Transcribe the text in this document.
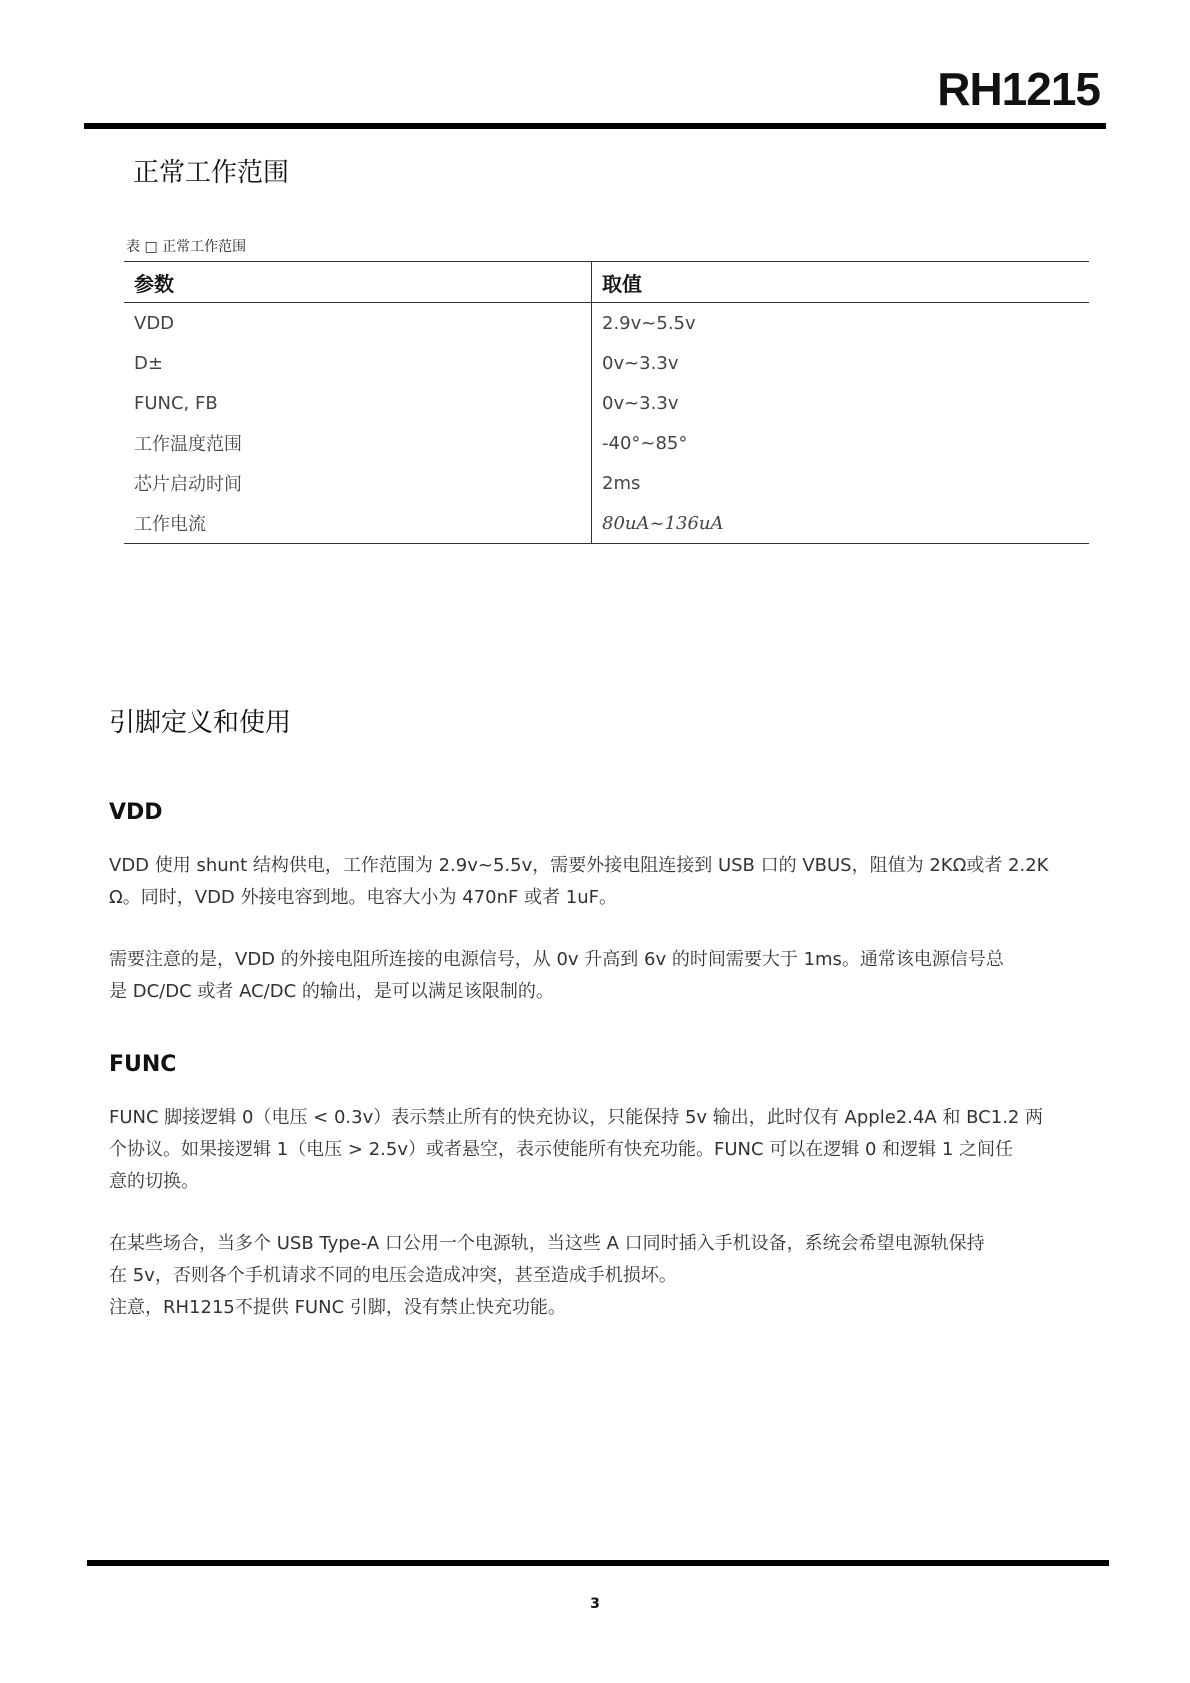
RH1215
正常工作范围
表 □ 正常工作范围
参数	取值
VDD	2.9v~5.5v
D±	0v~3.3v
FUNC, FB	0v~3.3v
工作温度范围	-40°~85°
芯片启动时间	2ms
工作电流	80uA~136uA
引脚定义和使用
VDD
VDD 使用 shunt 结构供电，工作范围为 2.9v~5.5v，需要外接电阻连接到 USB 口的 VBUS，阻值为 2KΩ或者 2.2K
Ω。同时，VDD 外接电容到地。电容大小为 470nF 或者 1uF。
需要注意的是，VDD 的外接电阻所连接的电源信号，从 0v 升高到 6v 的时间需要大于 1ms。通常该电源信号总
是 DC/DC 或者 AC/DC 的输出，是可以满足该限制的。
FUNC
FUNC 脚接逻辑 0（电压 < 0.3v）表示禁止所有的快充协议，只能保持 5v 输出，此时仅有 Apple2.4A 和 BC1.2 两
个协议。如果接逻辑 1（电压 > 2.5v）或者悬空，表示使能所有快充功能。FUNC 可以在逻辑 0 和逻辑 1 之间任
意的切换。
在某些场合，当多个 USB Type-A 口公用一个电源轨，当这些 A 口同时插入手机设备，系统会希望电源轨保持
在 5v，否则各个手机请求不同的电压会造成冲突，甚至造成手机损坏。
注意，RH1215不提供 FUNC 引脚，没有禁止快充功能。
3
